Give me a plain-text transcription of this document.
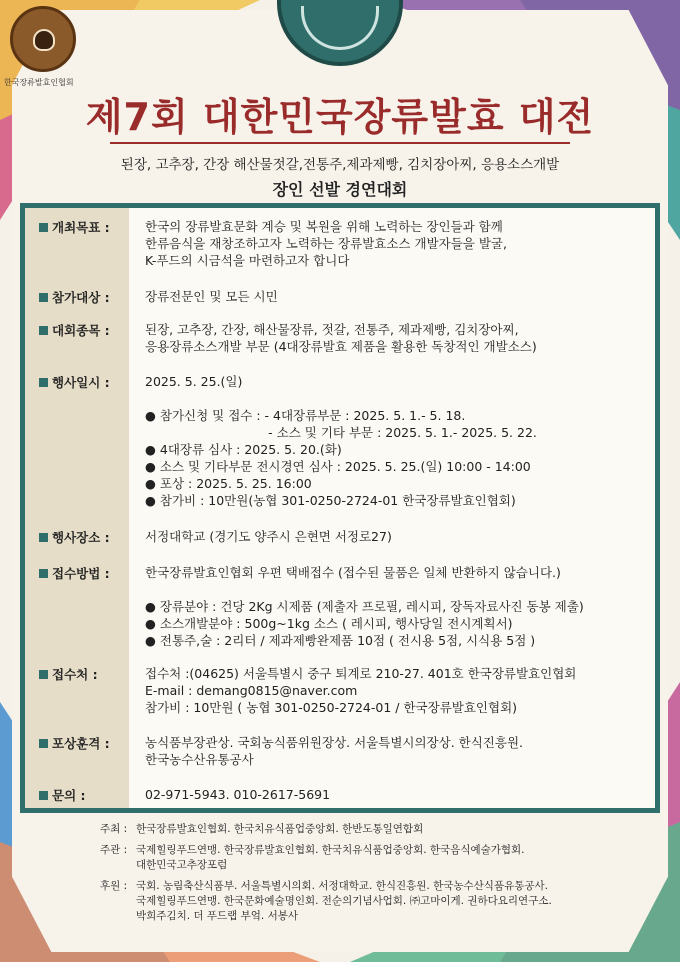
한국장류발효인협회
제7회 대한민국장류발효 대전
된장, 고추장, 간장 해산물젓갈,전통주,제과제빵, 김치장아찌, 응용소스개발
장인 선발 경연대회
개최목표 :	한국의 장류발효문화 계승 및 복원을 위해 노력하는 장인들과 함께
한류음식을 재창조하고자 노력하는 장류발효소스 개발자들을 발굴,
K-푸드의 시금석을 마련하고자 합니다
참가대상 :	장류전문인 및 모든 시민
대회종목 :	된장, 고추장, 간장, 해산물장류, 젓갈, 전통주, 제과제빵, 김치장아찌,
응용장류소스개발 부문 (4대장류발효 제품을 활용한 독창적인 개발소스)
행사일시 :	2025. 5. 25.(일)
● 참가신청 및 접수 : - 4대장류부문 : 2025. 5. 1.- 5. 18.
- 소스 및 기타 부문 : 2025. 5. 1.- 2025. 5. 22.
● 4대장류 심사 : 2025. 5. 20.(화)
● 소스 및 기타부문 전시경연 심사 : 2025. 5. 25.(일) 10:00 - 14:00
● 포상 : 2025. 5. 25. 16:00
● 참가비 : 10만원(농협 301-0250-2724-01 한국장류발효인협회)
행사장소 :	서정대학교 (경기도 양주시 은현면 서정로27)
접수방법 :	한국장류발효인협회 우편 택배접수 (접수된 물품은 일체 반환하지 않습니다.)
● 장류분야 : 건당 2Kg 시제품 (제출자 프로필, 레시피, 장독자료사진 동봉 제출)
● 소스개발분야 : 500g~1kg 소스 ( 레시피, 행사당일 전시계획서)
● 전통주,술 : 2리터 / 제과제빵완제품 10점 ( 전시용 5점, 시식용 5점 )
접수처 :	접수처 :(04625) 서울특별시 중구 퇴계로 210-27. 401호 한국장류발효인협회
E-mail : demang0815@naver.com
참가비 : 10만원 ( 농협 301-0250-2724-01 / 한국장류발효인협회)
포상훈격 :	농식품부장관상. 국회농식품위원장상. 서울특별시의장상. 한식진흥원.
한국농수산유통공사
문의 :	02-971-5943. 010-2617-5691
주최 : 한국장류발효인협회. 한국치유식품업중앙회. 한반도통일연합회
주관 : 국제힐링푸드연맹. 한국장류발효인협회. 한국치유식품업중앙회. 한국음식예술가협회.
대한민국고추장포럼
후원 : 국회. 농림축산식품부. 서울특별시의회. 서정대학교. 한식진흥원. 한국농수산식품유통공사.
국제힐링푸드연맹. 한국문화예술명인회. 전순의기념사업회. ㈜고마이게. 권하다요리연구소.
박희주김치. 더 푸드랩 부엌. 서봉사
